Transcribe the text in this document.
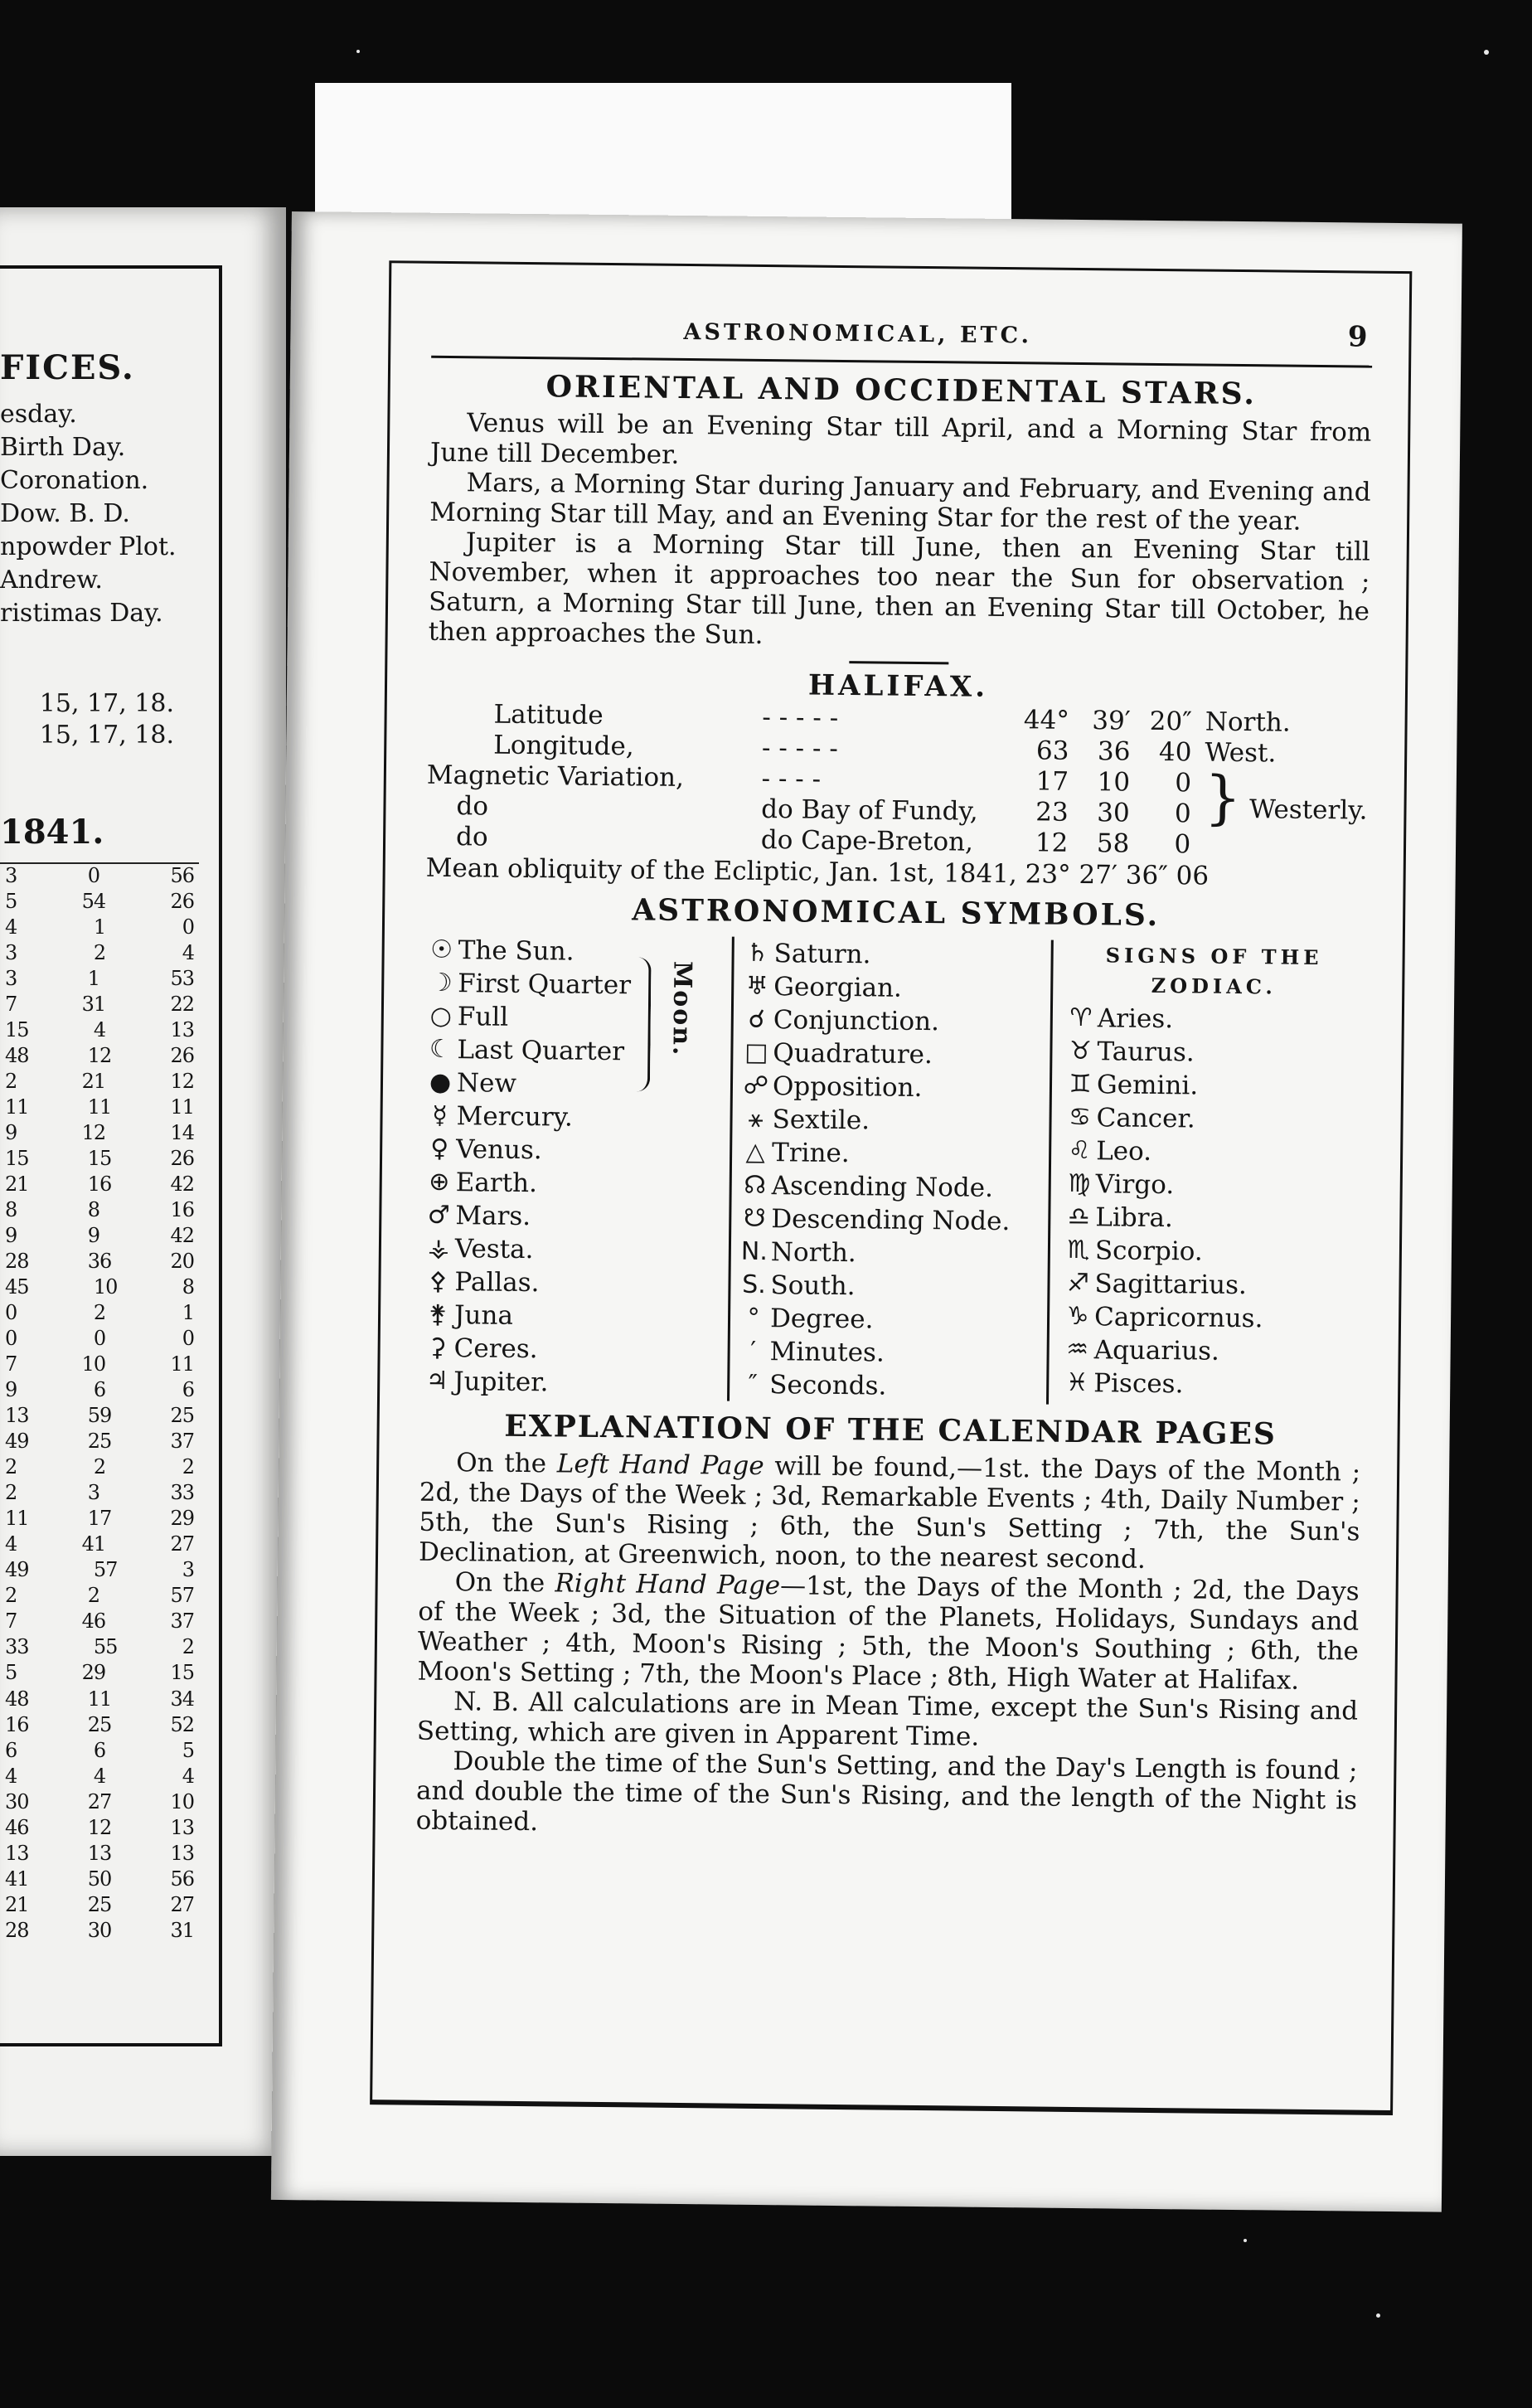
FICES.
esday.
Birth Day.
Coronation.
Dow. B. D.
npowder Plot.
Andrew.
ristimas Day.
15, 17, 18.
15, 17, 18.
1841.
3	0	56
5	54	26
4	1	0
3	2	4
3	1	53
7	31	22
15	4	13
48	12	26
2	21	12
11	11	11
9	12	14
15	15	26
21	16	42
8	8	16
9	9	42
28	36	20
45	10	8
0	2	1
0	0	0
7	10	11
9	6	6
13	59	25
49	25	37
2	2	2
2	3	33
11	17	29
4	41	27
49	57	3
2	2	57
7	46	37
33	55	2
5	29	15
48	11	34
16	25	52
6	6	5
4	4	4
30	27	10
46	12	13
13	13	13
41	50	56
21	25	27
28	30	31
ASTRONOMICAL, ETC.	9
ORIENTAL AND OCCIDENTAL STARS.

Venus will be an Evening Star till April, and a Morning Star from June till December.

Mars, a Morning Star during January and February, and Evening and Morning Star till May, and an Evening Star for the rest of the year.

Jupiter is a Morning Star till June, then an Evening Star till November, when it approaches too near the Sun for observation ; Saturn, a Morning Star till June, then an Evening Star till October, he then approaches the Sun.

HALIFAX.
Latitude	- - - - -	44°	39′	20″	North.
Longitude,	- - - - -	63	36	40	West.
Magnetic Variation,	- - - -	17	10	0	} Westerly.
do	do Bay of Fundy,	23	30	0	
do	do Cape-Breton,	12	58	0	
Mean obliquity of the Ecliptic, Jan. 1st, 1841, 23° 27′ 36″ 06
ASTRONOMICAL SYMBOLS.
Moon.
☉ The Sun.
☽ First Quarter
○ Full
☾ Last Quarter
● New
☿ Mercury.
♀ Venus.
⊕ Earth.
♂ Mars.
⚶ Vesta.
⚴ Pallas.
⚵ Juna
⚳ Ceres.
♃ Jupiter.
♄ Saturn.
♅ Georgian.
☌ Conjunction.
□ Quadrature.
☍ Opposition.
⚹ Sextile.
△ Trine.
☊ Ascending Node.
☋ Descending Node.
N. North.
S. South.
° Degree.
′ Minutes.
″ Seconds.
SIGNS OF THE ZODIAC.
♈ Aries.
♉ Taurus.
♊ Gemini.
♋ Cancer.
♌ Leo.
♍ Virgo.
♎ Libra.
♏ Scorpio.
♐ Sagittarius.
♑ Capricornus.
♒ Aquarius.
♓ Pisces.
EXPLANATION OF THE CALENDAR PAGES

On the Left Hand Page will be found,—1st. the Days of the Month ; 2d, the Days of the Week ; 3d, Remarkable Events ; 4th, Daily Number ; 5th, the Sun's Rising ; 6th, the Sun's Setting ; 7th, the Sun's Declination, at Greenwich, noon, to the nearest second.

On the Right Hand Page—1st, the Days of the Month ; 2d, the Days of the Week ; 3d, the Situation of the Planets, Holidays, Sundays and Weather ; 4th, Moon's Rising ; 5th, the Moon's Southing ; 6th, the Moon's Setting ; 7th, the Moon's Place ; 8th, High Water at Halifax.

N. B. All calculations are in Mean Time, except the Sun's Rising and Setting, which are given in Apparent Time.

Double the time of the Sun's Setting, and the Day's Length is found ; and double the time of the Sun's Rising, and the length of the Night is obtained.
